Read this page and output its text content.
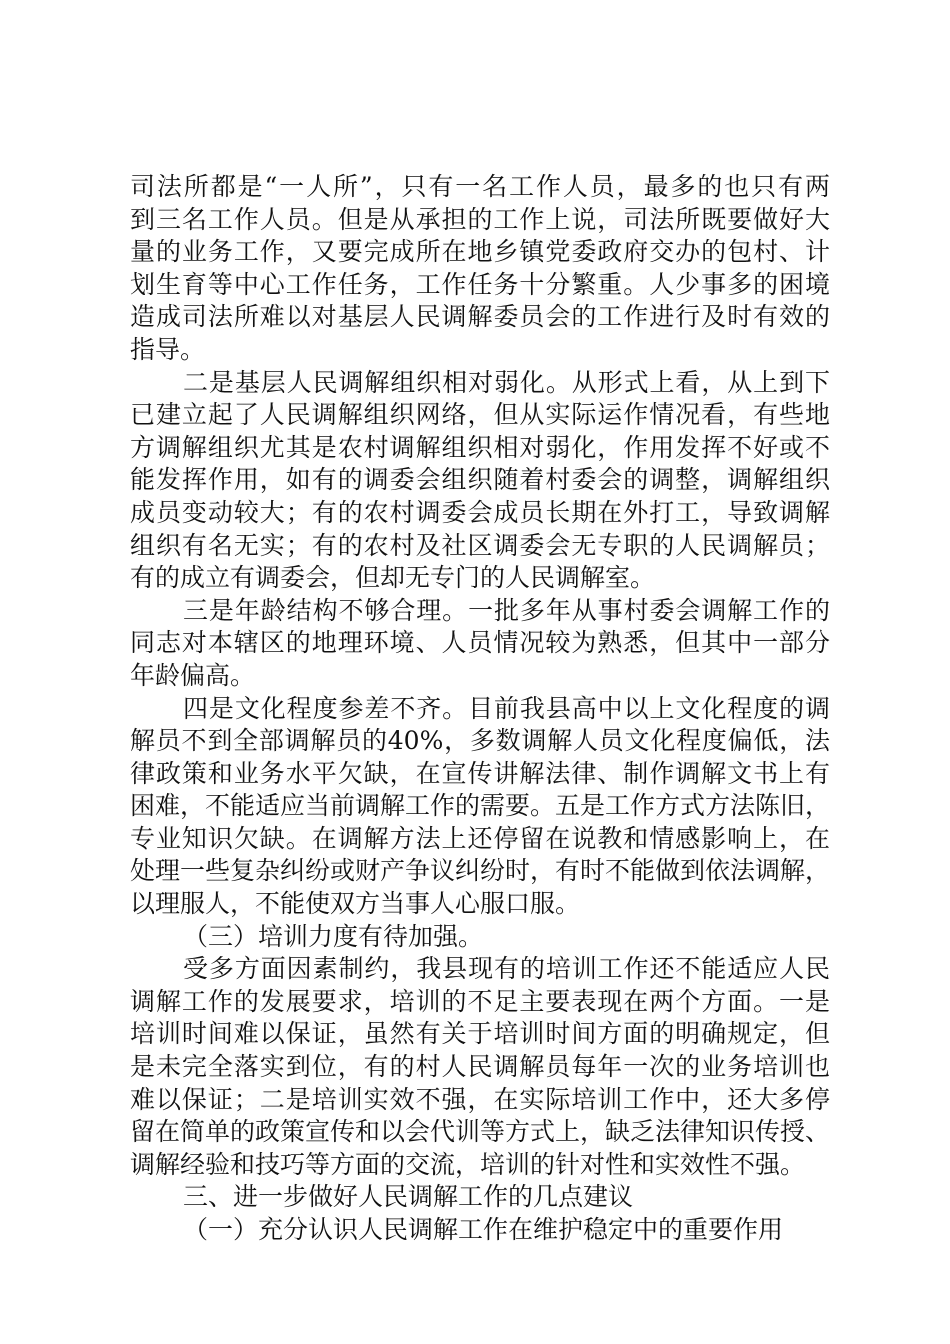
司法所都是“一人所”，只有一名工作人员，最多的也只有两
到三名工作人员。但是从承担的工作上说，司法所既要做好大
量的业务工作，又要完成所在地乡镇党委政府交办的包村、计
划生育等中心工作任务，工作任务十分繁重。人少事多的困境
造成司法所难以对基层人民调解委员会的工作进行及时有效的
指导。
二是基层人民调解组织相对弱化。从形式上看，从上到下
已建立起了人民调解组织网络，但从实际运作情况看，有些地
方调解组织尤其是农村调解组织相对弱化，作用发挥不好或不
能发挥作用，如有的调委会组织随着村委会的调整，调解组织
成员变动较大；有的农村调委会成员长期在外打工，导致调解
组织有名无实；有的农村及社区调委会无专职的人民调解员；
有的成立有调委会，但却无专门的人民调解室。
三是年龄结构不够合理。一批多年从事村委会调解工作的
同志对本辖区的地理环境、人员情况较为熟悉，但其中一部分
年龄偏高。
四是文化程度参差不齐。目前我县高中以上文化程度的调
解员不到全部调解员的40%，多数调解人员文化程度偏低，法
律政策和业务水平欠缺，在宣传讲解法律、制作调解文书上有
困难，不能适应当前调解工作的需要。五是工作方式方法陈旧，
专业知识欠缺。在调解方法上还停留在说教和情感影响上，在
处理一些复杂纠纷或财产争议纠纷时，有时不能做到依法调解，
以理服人，不能使双方当事人心服口服。
（三）培训力度有待加强。
受多方面因素制约，我县现有的培训工作还不能适应人民
调解工作的发展要求，培训的不足主要表现在两个方面。一是
培训时间难以保证，虽然有关于培训时间方面的明确规定，但
是未完全落实到位，有的村人民调解员每年一次的业务培训也
难以保证；二是培训实效不强，在实际培训工作中，还大多停
留在简单的政策宣传和以会代训等方式上，缺乏法律知识传授、
调解经验和技巧等方面的交流，培训的针对性和实效性不强。
三、进一步做好人民调解工作的几点建议
（一）充分认识人民调解工作在维护稳定中的重要作用
